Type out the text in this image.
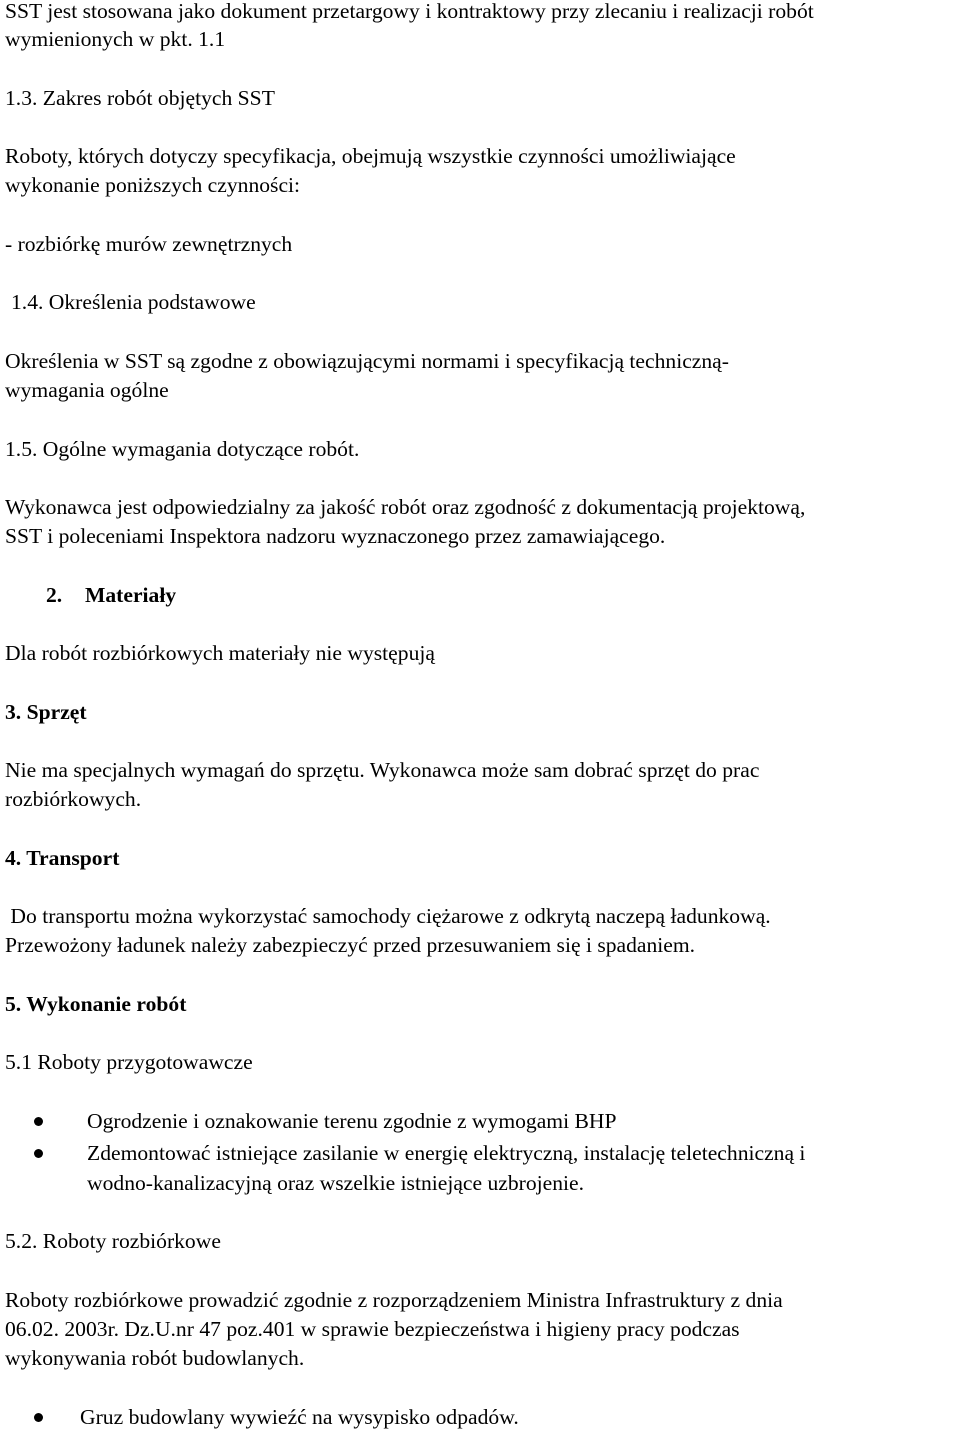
SST jest stosowana jako dokument przetargowy i kontraktowy przy zlecaniu i realizacji robót
wymienionych w pkt. 1.1
1.3. Zakres robót objętych SST
Roboty, których dotyczy specyfikacja, obejmują wszystkie czynności umożliwiające
wykonanie poniższych czynności:
- rozbiórkę murów zewnętrznych
1.4. Określenia podstawowe
Określenia w SST są zgodne z obowiązującymi normami i specyfikacją techniczną-
wymagania ogólne
1.5. Ogólne wymagania dotyczące robót.
Wykonawca jest odpowiedzialny za jakość robót oraz zgodność z dokumentacją projektową,
SST i poleceniami Inspektora nadzoru wyznaczonego przez zamawiającego.
2. Materiały
Dla robót rozbiórkowych materiały nie występują
3. Sprzęt
Nie ma specjalnych wymagań do sprzętu. Wykonawca może sam dobrać sprzęt do prac
rozbiórkowych.
4. Transport
Do transportu można wykorzystać samochody ciężarowe z odkrytą naczepą ładunkową.
Przewożony ładunek należy zabezpieczyć przed przesuwaniem się i spadaniem.
5. Wykonanie robót
5.1 Roboty przygotowawcze
Ogrodzenie i oznakowanie terenu zgodnie z wymogami BHP
Zdemontować istniejące zasilanie w energię elektryczną, instalację teletechniczną i
wodno-kanalizacyjną oraz wszelkie istniejące uzbrojenie.
5.2. Roboty rozbiórkowe
Roboty rozbiórkowe prowadzić zgodnie z rozporządzeniem Ministra Infrastruktury z dnia
06.02. 2003r. Dz.U.nr 47 poz.401 w sprawie bezpieczeństwa i higieny pracy podczas
wykonywania robót budowlanych.
Gruz budowlany wywieźć na wysypisko odpadów.
